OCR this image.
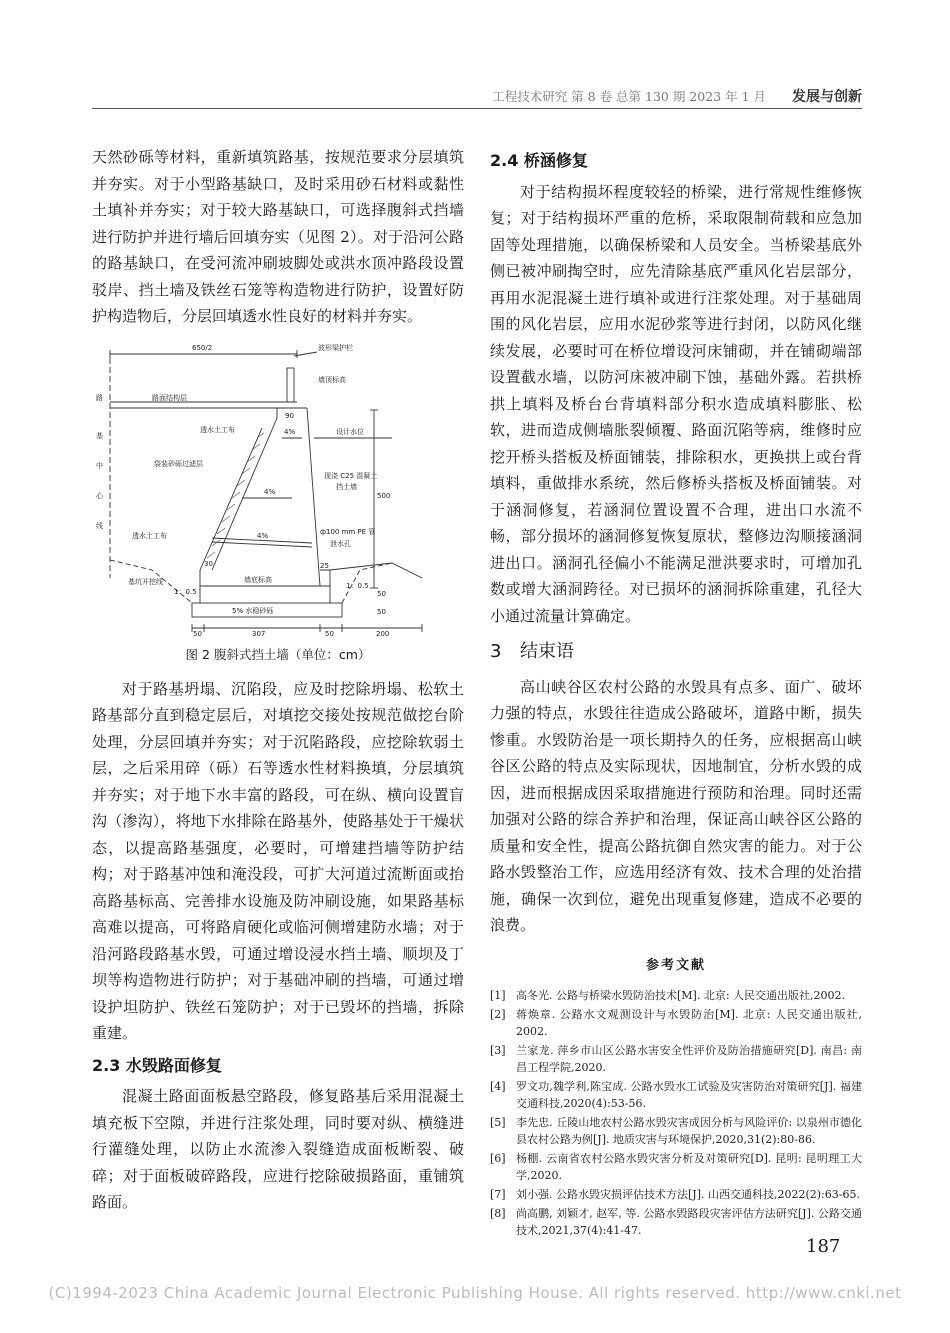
工程技术研究 第 8 卷 总第 130 期 2023 年 1 月 发展与创新

天然砂砾等材料，重新填筑路基，按规范要求分层填筑并夯实。对于小型路基缺口，及时采用砂石材料或黏性土填补并夯实；对于较大路基缺口，可选择腹斜式挡墙进行防护并进行墙后回填夯实（见图 2）。对于沿河公路的路基缺口，在受河流冲刷坡脚处或洪水顶冲路段设置驳岸、挡土墙及铁丝石笼等构造物进行防护，设置好防护构造物后，分层回填透水性良好的材料并夯实。

650/2	波形梁护栏
墙顶标高
路面结构层
路
基
中
心
线
90
设计水位
透水土工布	4%
袋装砂砾过滤层
现浇 C25 混凝土
挡土墙
4%	500
透水土工布	ф100 mm PE 管
泄水孔
4%
30	25
基坑开挖线	墙底标高
1：0.5
1：0.5
50
50
5% 水稳砂砾
50	307	50	200
图 2 腹斜式挡土墙（单位：cm）

对于路基坍塌、沉陷段，应及时挖除坍塌、松软土路基部分直到稳定层后，对填挖交接处按规范做挖台阶处理，分层回填并夯实；对于沉陷路段，应挖除软弱土层，之后采用碎（砾）石等透水性材料换填，分层填筑并夯实；对于地下水丰富的路段，可在纵、横向设置盲沟（渗沟），将地下水排除在路基外，使路基处于干燥状态，以提高路基强度，必要时，可增建挡墙等防护结构；对于路基冲蚀和淹没段，可扩大河道过流断面或抬高路基标高、完善排水设施及防冲刷设施，如果路基标高难以提高，可将路肩硬化或临河侧增建防水墙；对于沿河路段路基水毁，可通过增设浸水挡土墙、顺坝及丁坝等构造物进行防护；对于基础冲刷的挡墙，可通过增设护坦防护、铁丝石笼防护；对于已毁坏的挡墙，拆除重建。

2.3 水毁路面修复

混凝土路面面板悬空路段，修复路基后采用混凝土填充板下空隙，并进行注浆处理，同时要对纵、横缝进行灌缝处理，以防止水流渗入裂缝造成面板断裂、破碎；对于面板破碎路段，应进行挖除破损路面，重铺筑路面。

2.4 桥涵修复

对于结构损坏程度较轻的桥梁，进行常规性维修恢复；对于结构损坏严重的危桥，采取限制荷载和应急加固等处理措施，以确保桥梁和人员安全。当桥梁基底外侧已被冲刷掏空时，应先清除基底严重风化岩层部分，再用水泥混凝土进行填补或进行注浆处理。对于基础周围的风化岩层，应用水泥砂浆等进行封闭，以防风化继续发展，必要时可在桥位增设河床铺砌，并在铺砌端部设置截水墙，以防河床被冲刷下蚀，基础外露。若拱桥拱上填料及桥台台背填料部分积水造成填料膨胀、松软，进而造成侧墙胀裂倾覆、路面沉陷等病，维修时应挖开桥头搭板及桥面铺装，排除积水，更换拱上或台背填料，重做排水系统，然后修桥头搭板及桥面铺装。对于涵洞修复，若涵洞位置设置不合理，进出口水流不畅，部分损坏的涵洞修复恢复原状，整修边沟顺接涵洞进出口。涵洞孔径偏小不能满足泄洪要求时，可增加孔数或增大涵洞跨径。对已损坏的涵洞拆除重建，孔径大小通过流量计算确定。

3 结束语

高山峡谷区农村公路的水毁具有点多、面广、破坏力强的特点，水毁往往造成公路破坏，道路中断，损失惨重。水毁防治是一项长期持久的任务，应根据高山峡谷区公路的特点及实际现状，因地制宜，分析水毁的成因，进而根据成因采取措施进行预防和治理。同时还需加强对公路的综合养护和治理，保证高山峡谷区公路的质量和安全性，提高公路抗御自然灾害的能力。对于公路水毁整治工作，应选用经济有效、技术合理的处治措施，确保一次到位，避免出现重复修建，造成不必要的浪费。

参考文献
[1] 高冬光. 公路与桥梁水毁防治技术[M]. 北京: 人民交通出版社,2002.
[2] 蒋焕章. 公路水文观测设计与水毁防治[M]. 北京: 人民交通出版社, 2002.
[3] 兰家龙. 萍乡市山区公路水害安全性评价及防治措施研究[D]. 南昌: 南昌工程学院,2020.
[4] 罗文功,魏学利,陈宝成. 公路水毁水工试验及灾害防治对策研究[J]. 福建交通科技,2020(4):53-56.
[5] 李先忠. 丘陵山地农村公路水毁灾害成因分析与风险评价: 以泉州市德化县农村公路为例[J]. 地质灾害与环境保护,2020,31(2):80-86.
[6] 杨棚. 云南省农村公路水毁灾害分析及对策研究[D]. 昆明: 昆明理工大学,2020.
[7] 刘小强. 公路水毁灾损评估技术方法[J]. 山西交通科技,2022(2):63-65.
[8] 尚高鹏, 刘颖才, 赵军, 等. 公路水毁路段灾害评估方法研究[J]. 公路交通技术,2021,37(4):41-47.
187
(C)1994-2023 China Academic Journal Electronic Publishing House. All rights reserved. http://www.cnki.net
